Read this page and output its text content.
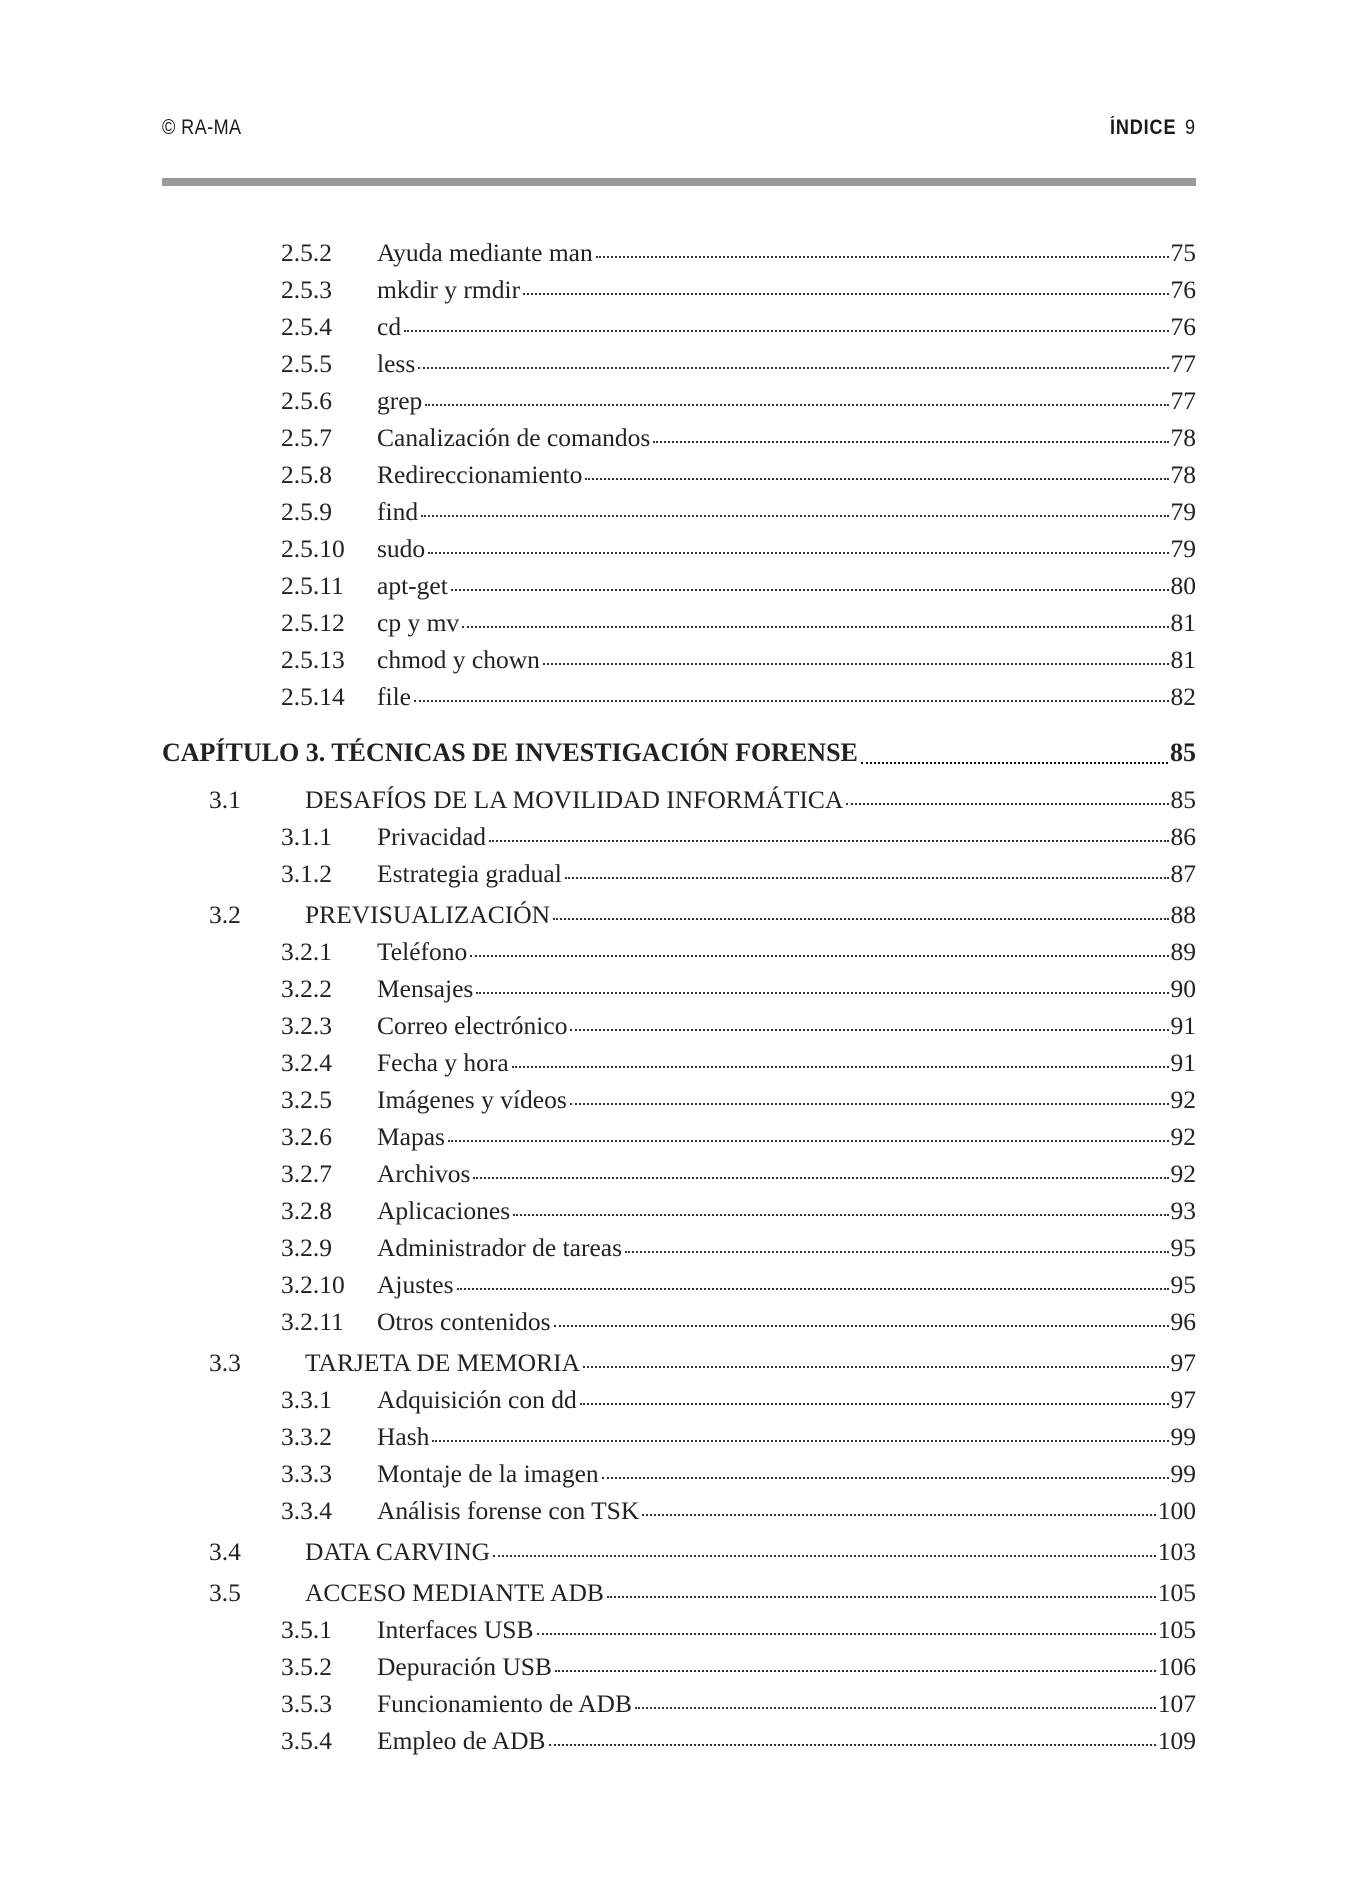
© RA-MA	ÍNDICE 9
2.5.2	Ayuda mediante man	75
2.5.3	mkdir y rmdir	76
2.5.4	cd	76
2.5.5	less	77
2.5.6	grep	77
2.5.7	Canalización de comandos	78
2.5.8	Redireccionamiento	78
2.5.9	find	79
2.5.10	sudo	79
2.5.11	apt-get	80
2.5.12	cp y mv	81
2.5.13	chmod y chown	81
2.5.14	file	82
CAPÍTULO 3. TÉCNICAS DE INVESTIGACIÓN FORENSE	85
3.1	DESAFÍOS DE LA MOVILIDAD INFORMÁTICA	85
3.1.1	Privacidad	86
3.1.2	Estrategia gradual	87
3.2	PREVISUALIZACIÓN	88
3.2.1	Teléfono	89
3.2.2	Mensajes	90
3.2.3	Correo electrónico	91
3.2.4	Fecha y hora	91
3.2.5	Imágenes y vídeos	92
3.2.6	Mapas	92
3.2.7	Archivos	92
3.2.8	Aplicaciones	93
3.2.9	Administrador de tareas	95
3.2.10	Ajustes	95
3.2.11	Otros contenidos	96
3.3	TARJETA DE MEMORIA	97
3.3.1	Adquisición con dd	97
3.3.2	Hash	99
3.3.3	Montaje de la imagen	99
3.3.4	Análisis forense con TSK	100
3.4	DATA CARVING	103
3.5	ACCESO MEDIANTE ADB	105
3.5.1	Interfaces USB	105
3.5.2	Depuración USB	106
3.5.3	Funcionamiento de ADB	107
3.5.4	Empleo de ADB	109
